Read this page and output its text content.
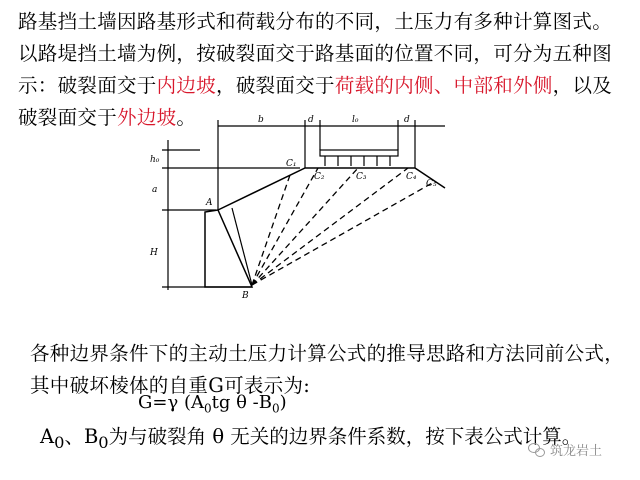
路基挡土墙因路基形式和荷载分布的不同，土压力有多种计算图式。以路堤挡土墙为例，按破裂面交于路基面的位置不同，可分为五种图示：破裂面交于内边坡，破裂面交于荷载的内侧、中部和外侧，以及破裂面交于外边坡。	b	d	l₀	d
h₀
a
H
A
B
C₁
C₂	C₃	C₄
C₅

各种边界条件下的主动土压力计算公式的推导思路和方法同前公式，其中破坏棱体的自重G可表示为:

G=γ ($A_0tg$ θ $-B_0$)

$A_0$、$B_0$为与破裂角 θ 无关的边界条件系数，按下表公式计算。

筑龙岩土
